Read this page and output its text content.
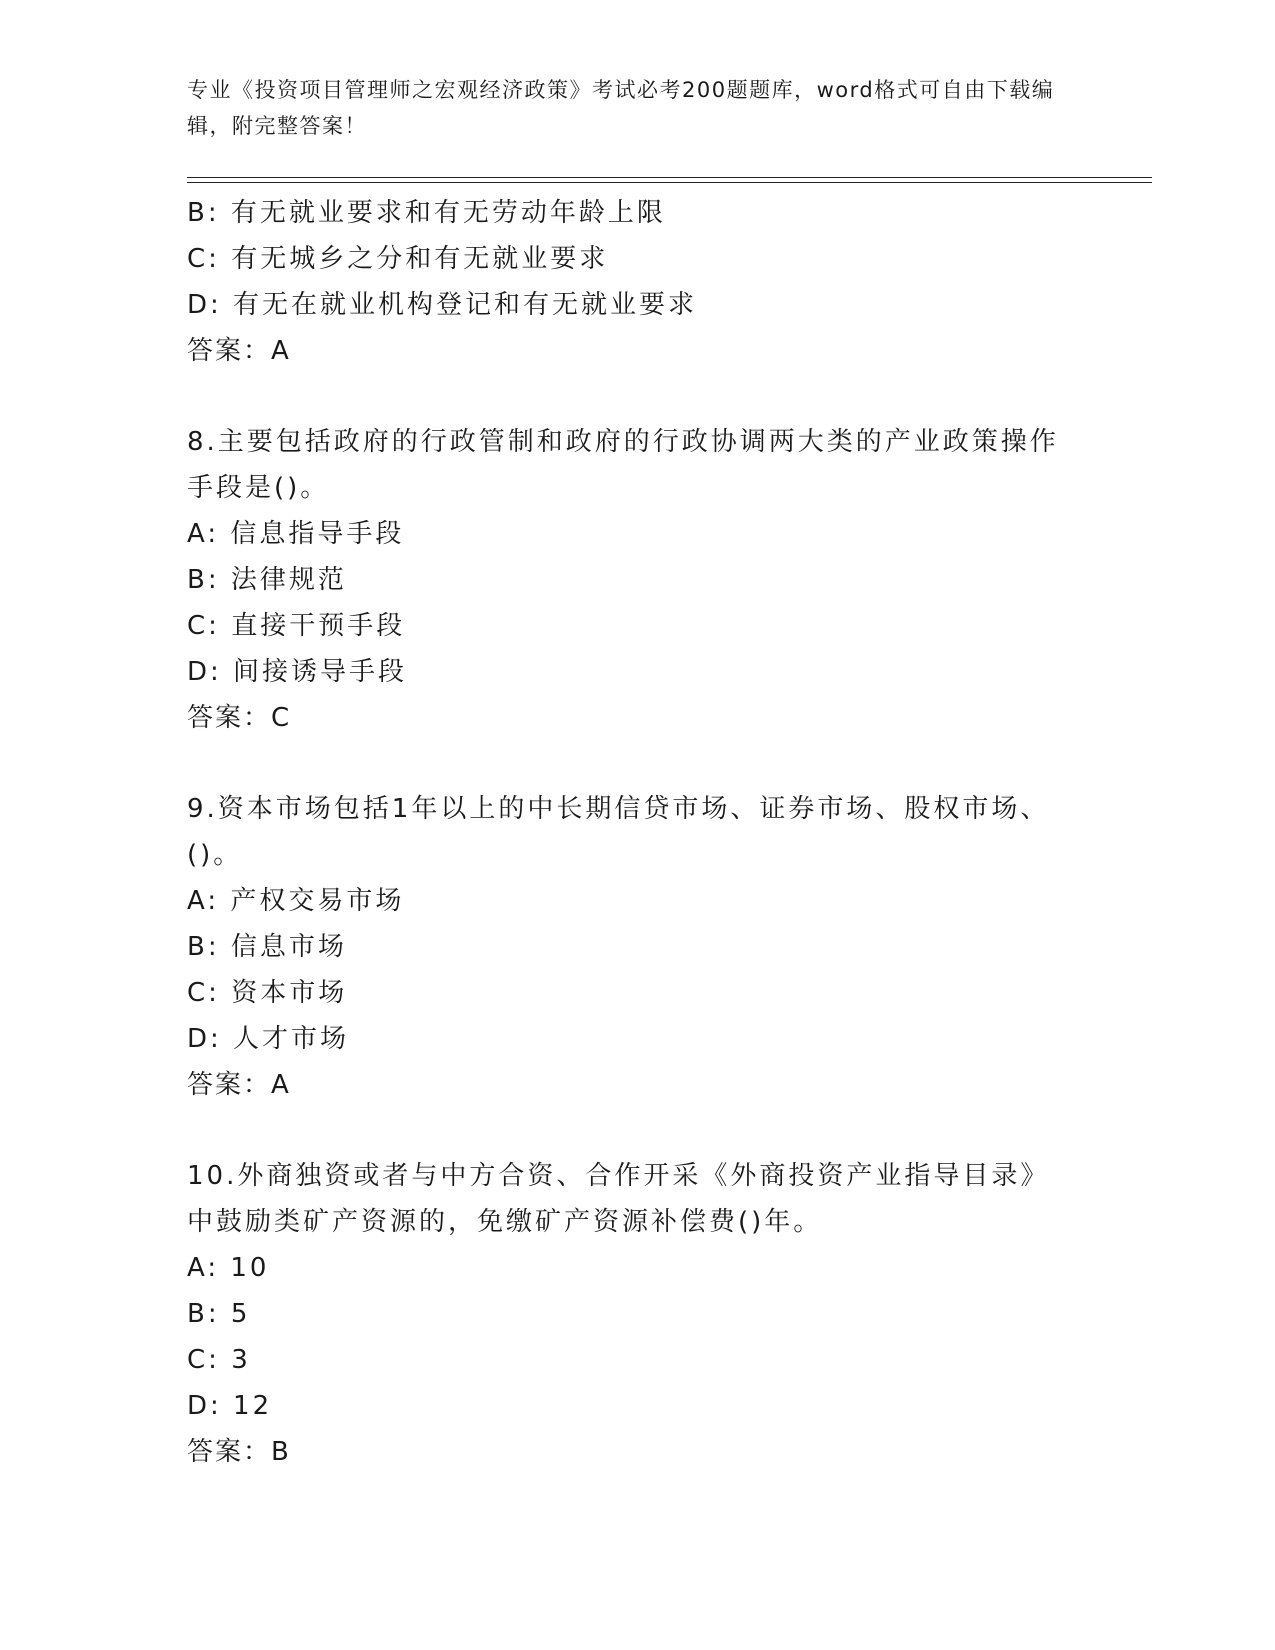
专业《投资项目管理师之宏观经济政策》考试必考200题题库，word格式可自由下载编辑，附完整答案！
B: 有无就业要求和有无劳动年龄上限
C: 有无城乡之分和有无就业要求
D: 有无在就业机构登记和有无就业要求
答案：A
8.主要包括政府的行政管制和政府的行政协调两大类的产业政策操作手段是()。
A: 信息指导手段
B: 法律规范
C: 直接干预手段
D: 间接诱导手段
答案：C
9.资本市场包括1年以上的中长期信贷市场、证券市场、股权市场、()。
A: 产权交易市场
B: 信息市场
C: 资本市场
D: 人才市场
答案：A
10.外商独资或者与中方合资、合作开采《外商投资产业指导目录》中鼓励类矿产资源的，免缴矿产资源补偿费()年。
A: 10
B: 5
C: 3
D: 12
答案：B
